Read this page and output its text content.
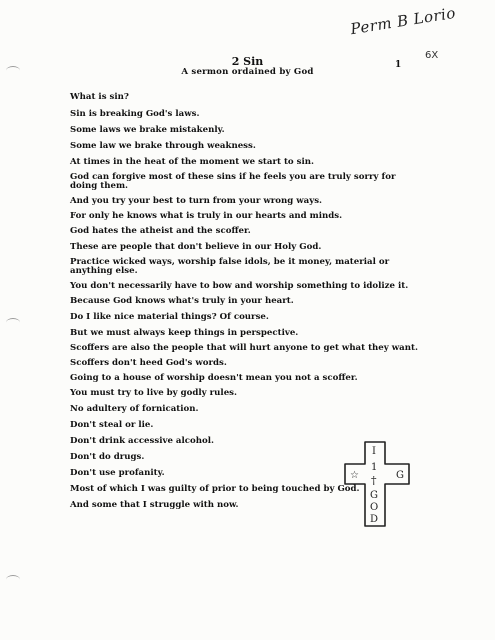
Perm B Lorio
6X
1
2 Sin
A sermon ordained by God

What is sin?

Sin is breaking God's laws.

Some laws we brake mistakenly.

Some law we brake through weakness.

At times in the heat of the moment we start to sin.

God can forgive most of these sins if he feels you are truly sorry for doing them.

And you try your best to turn from your wrong ways.

For only he knows what is truly in our hearts and minds.

God hates the atheist and the scoffer.

These are people that don't believe in our Holy God.

Practice wicked ways, worship false idols, be it money, material or anything else.

You don't necessarily have to bow and worship something to idolize it.

Because God knows what's truly in your heart.

Do I like nice material things? Of course.

But we must always keep things in perspective.

Scoffers are also the people that will hurt anyone to get what they want.

Scoffers don't heed God's words.

Going to a house of worship doesn't mean you not a scoffer.

You must try to live by godly rules.

No adultery of fornication.

Don't steal or lie.

Don't drink accessive alcohol.

Don't do drugs.

Don't use profanity.

Most of which I was guilty of prior to being touched by God.

And some that I struggle with now.

☆	G
I
1
†
G
O
D
